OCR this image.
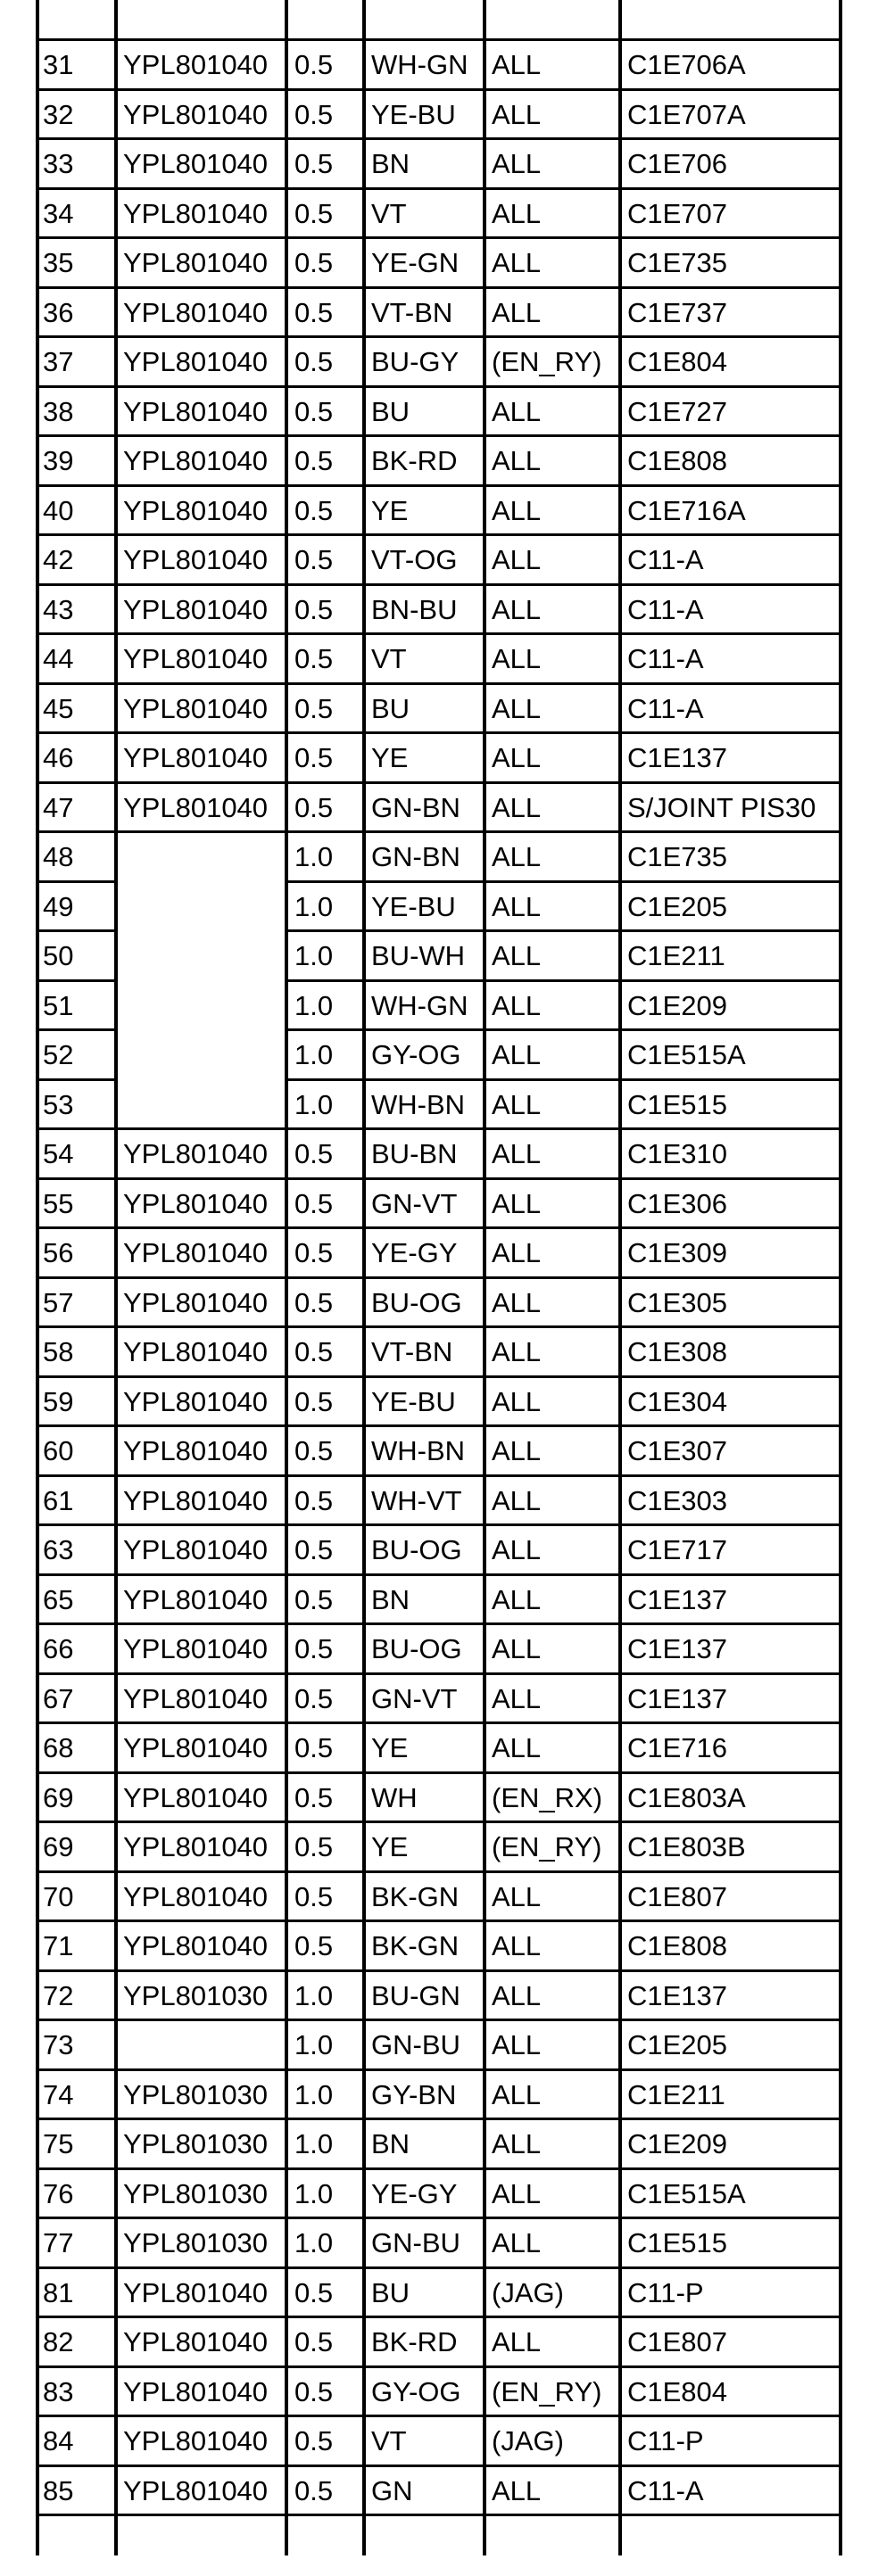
31 YPL801040 0.5 WH-GN ALL	C1E706A
32 YPL801040 0.5 YE-BU ALL	C1E707A
33 YPL801040 0.5 BN	ALL	C1E706
34 YPL801040 0.5 VT	ALL	C1E707
35 YPL801040 0.5 YE-GN ALL	C1E735
36 YPL801040 0.5 VT-BN ALL	C1E737
37 YPL801040 0.5 BU-GY (EN_RY) C1E804
38 YPL801040 0.5 BU	ALL	C1E727
39 YPL801040 0.5 BK-RD ALL	C1E808
40 YPL801040 0.5 YE	ALL	C1E716A
42 YPL801040 0.5 VT-OG ALL	C11-A
43 YPL801040 0.5 BN-BU ALL	C11-A
44 YPL801040 0.5 VT	ALL	C11-A
45 YPL801040 0.5 BU	ALL	C11-A
46 YPL801040 0.5 YE	ALL	C1E137
47 YPL801040 0.5 GN-BN ALL	S/JOINT PIS30
48	1.0 GN-BN ALL	C1E735
49	1.0 YE-BU ALL	C1E205
50	1.0 BU-WH ALL	C1E211
51	1.0 WH-GN ALL	C1E209
52	1.0 GY-OG ALL	C1E515A
53	1.0 WH-BN ALL	C1E515
54 YPL801040 0.5 BU-BN ALL	C1E310
55 YPL801040 0.5 GN-VT ALL	C1E306
56 YPL801040 0.5 YE-GY ALL	C1E309
57 YPL801040 0.5 BU-OG ALL	C1E305
58 YPL801040 0.5 VT-BN ALL	C1E308
59 YPL801040 0.5 YE-BU ALL	C1E304
60 YPL801040 0.5 WH-BN ALL	C1E307
61 YPL801040 0.5 WH-VT ALL	C1E303
63 YPL801040 0.5 BU-OG ALL	C1E717
65 YPL801040 0.5 BN	ALL	C1E137
66 YPL801040 0.5 BU-OG ALL	C1E137
67 YPL801040 0.5 GN-VT ALL	C1E137
68 YPL801040 0.5 YE	ALL	C1E716
69 YPL801040 0.5 WH	(EN_RX) C1E803A
69 YPL801040 0.5 YE	(EN_RY) C1E803B
70 YPL801040 0.5 BK-GN ALL	C1E807
71 YPL801040 0.5 BK-GN ALL	C1E808
72 YPL801030 1.0 BU-GN ALL	C1E137
73	1.0 GN-BU ALL	C1E205
74 YPL801030 1.0 GY-BN ALL	C1E211
75 YPL801030 1.0 BN	ALL	C1E209
76 YPL801030 1.0 YE-GY ALL	C1E515A
77 YPL801030 1.0 GN-BU ALL	C1E515
81 YPL801040 0.5 BU	(JAG) C11-P
82 YPL801040 0.5 BK-RD ALL	C1E807
83 YPL801040 0.5 GY-OG (EN_RY) C1E804
84 YPL801040 0.5 VT	(JAG) C11-P
85 YPL801040 0.5 GN	ALL	C11-A
